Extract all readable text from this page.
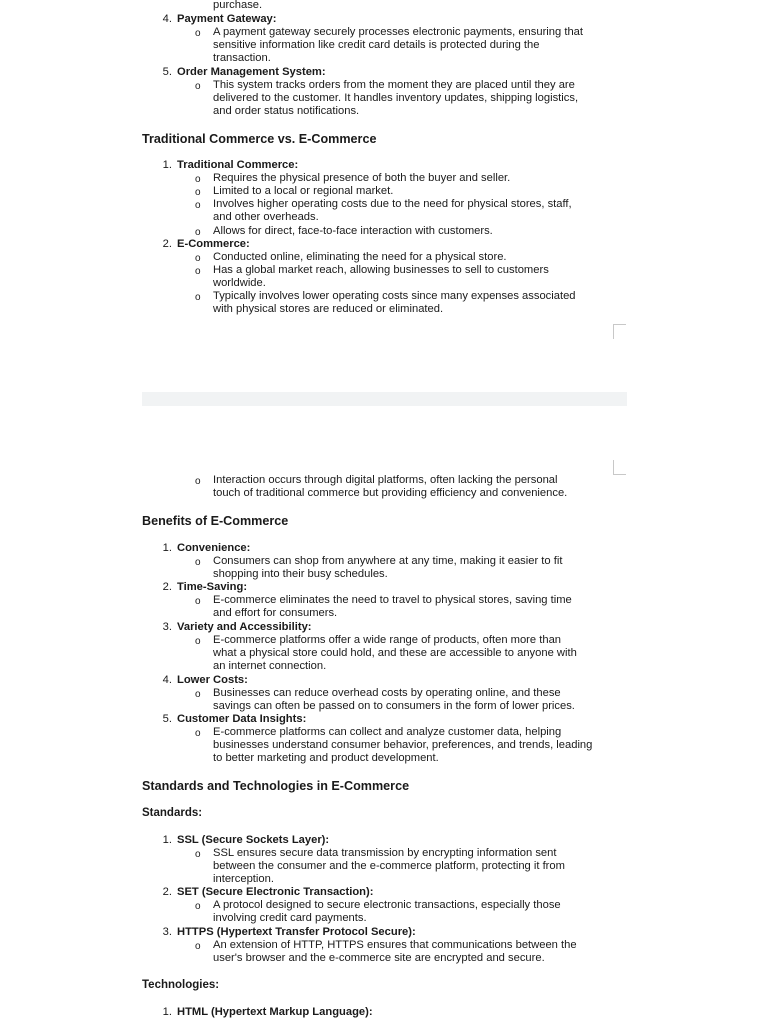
purchase.
4. Payment Gateway:
o A payment gateway securely processes electronic payments, ensuring that
sensitive information like credit card details is protected during the
transaction.
5. Order Management System:
o This system tracks orders from the moment they are placed until they are
delivered to the customer. It handles inventory updates, shipping logistics,
and order status notifications.
Traditional Commerce vs. E-Commerce
1. Traditional Commerce:
o Requires the physical presence of both the buyer and seller.
o Limited to a local or regional market.
o Involves higher operating costs due to the need for physical stores, staff,
and other overheads.
o Allows for direct, face-to-face interaction with customers.
2. E-Commerce:
o Conducted online, eliminating the need for a physical store.
o Has a global market reach, allowing businesses to sell to customers
worldwide.
o Typically involves lower operating costs since many expenses associated
with physical stores are reduced or eliminated.
o Interaction occurs through digital platforms, often lacking the personal
touch of traditional commerce but providing efficiency and convenience.
Benefits of E-Commerce
1. Convenience:
o Consumers can shop from anywhere at any time, making it easier to fit
shopping into their busy schedules.
2. Time-Saving:
o E-commerce eliminates the need to travel to physical stores, saving time
and effort for consumers.
3. Variety and Accessibility:
o E-commerce platforms offer a wide range of products, often more than
what a physical store could hold, and these are accessible to anyone with
an internet connection.
4. Lower Costs:
o Businesses can reduce overhead costs by operating online, and these
savings can often be passed on to consumers in the form of lower prices.
5. Customer Data Insights:
o E-commerce platforms can collect and analyze customer data, helping
businesses understand consumer behavior, preferences, and trends, leading
to better marketing and product development.
Standards and Technologies in E-Commerce
Standards:
1. SSL (Secure Sockets Layer):
o SSL ensures secure data transmission by encrypting information sent
between the consumer and the e-commerce platform, protecting it from
interception.
2. SET (Secure Electronic Transaction):
o A protocol designed to secure electronic transactions, especially those
involving credit card payments.
3. HTTPS (Hypertext Transfer Protocol Secure):
o An extension of HTTP, HTTPS ensures that communications between the
user's browser and the e-commerce site are encrypted and secure.
Technologies:
1. HTML (Hypertext Markup Language):
